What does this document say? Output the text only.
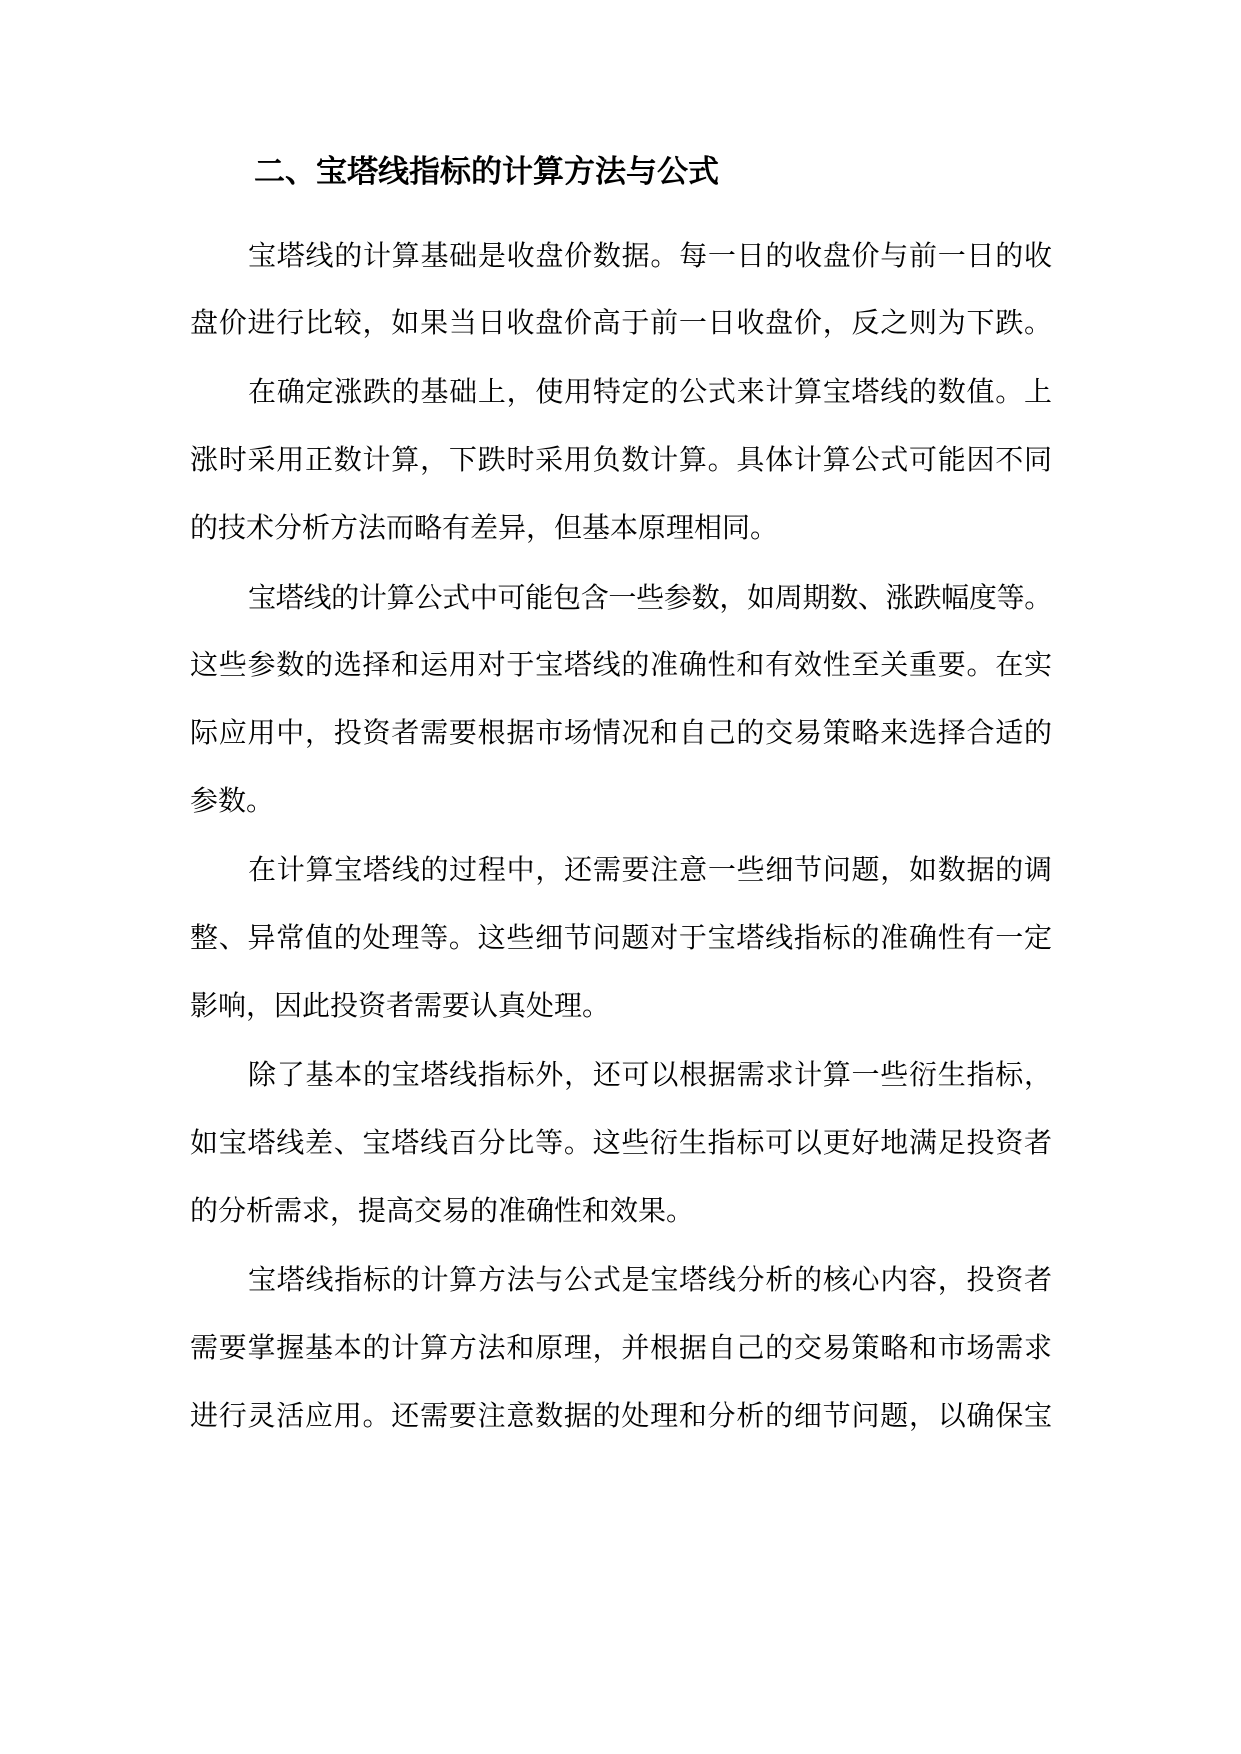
二、宝塔线指标的计算方法与公式
宝塔线的计算基础是收盘价数据。每一日的收盘价与前一日的收
盘价进行比较，如果当日收盘价高于前一日收盘价，反之则为下跌。
在确定涨跌的基础上，使用特定的公式来计算宝塔线的数值。上
涨时采用正数计算，下跌时采用负数计算。具体计算公式可能因不同
的技术分析方法而略有差异，但基本原理相同。
宝塔线的计算公式中可能包含一些参数，如周期数、涨跌幅度等。
这些参数的选择和运用对于宝塔线的准确性和有效性至关重要。在实
际应用中，投资者需要根据市场情况和自己的交易策略来选择合适的
参数。
在计算宝塔线的过程中，还需要注意一些细节问题，如数据的调
整、异常值的处理等。这些细节问题对于宝塔线指标的准确性有一定
影响，因此投资者需要认真处理。
除了基本的宝塔线指标外，还可以根据需求计算一些衍生指标，
如宝塔线差、宝塔线百分比等。这些衍生指标可以更好地满足投资者
的分析需求，提高交易的准确性和效果。
宝塔线指标的计算方法与公式是宝塔线分析的核心内容，投资者
需要掌握基本的计算方法和原理，并根据自己的交易策略和市场需求
进行灵活应用。还需要注意数据的处理和分析的细节问题，以确保宝
